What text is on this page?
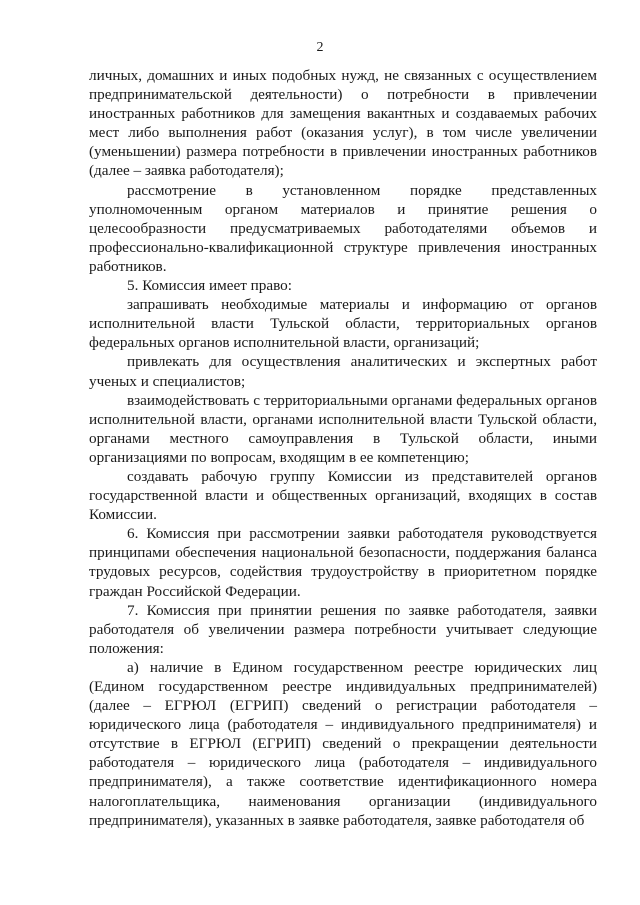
2

личных, домашних и иных подобных нужд, не связанных с осуществлением предпринимательской деятельности) о потребности в привлечении иностранных работников для замещения вакантных и создаваемых рабочих мест либо выполнения работ (оказания услуг), в том числе увеличении (уменьшении) размера потребности в привлечении иностранных работников (далее – заявка работодателя);

рассмотрение в установленном порядке представленных уполномоченным органом материалов и принятие решения о целесообразности предусматриваемых работодателями объемов и профессионально-квалификационной структуре привлечения иностранных работников.

5. Комиссия имеет право:

запрашивать необходимые материалы и информацию от органов исполнительной власти Тульской области, территориальных органов федеральных органов исполнительной власти, организаций;

привлекать для осуществления аналитических и экспертных работ ученых и специалистов;

взаимодействовать с территориальными органами федеральных органов исполнительной власти, органами исполнительной власти Тульской области, органами местного самоуправления в Тульской области, иными организациями по вопросам, входящим в ее компетенцию;

создавать рабочую группу Комиссии из представителей органов государственной власти и общественных организаций, входящих в состав Комиссии.

6. Комиссия при рассмотрении заявки работодателя руководствуется принципами обеспечения национальной безопасности, поддержания баланса трудовых ресурсов, содействия трудоустройству в приоритетном порядке граждан Российской Федерации.

7. Комиссия при принятии решения по заявке работодателя, заявки работодателя об увеличении размера потребности учитывает следующие положения:

а) наличие в Едином государственном реестре юридических лиц (Едином государственном реестре индивидуальных предпринимателей) (далее – ЕГРЮЛ (ЕГРИП) сведений о регистрации работодателя – юридического лица (работодателя – индивидуального предпринимателя) и отсутствие в ЕГРЮЛ (ЕГРИП) сведений о прекращении деятельности работодателя – юридического лица (работодателя – индивидуального предпринимателя), а также соответствие идентификационного номера налогоплательщика, наименования организации (индивидуального предпринимателя), указанных в заявке работодателя, заявке работодателя об
